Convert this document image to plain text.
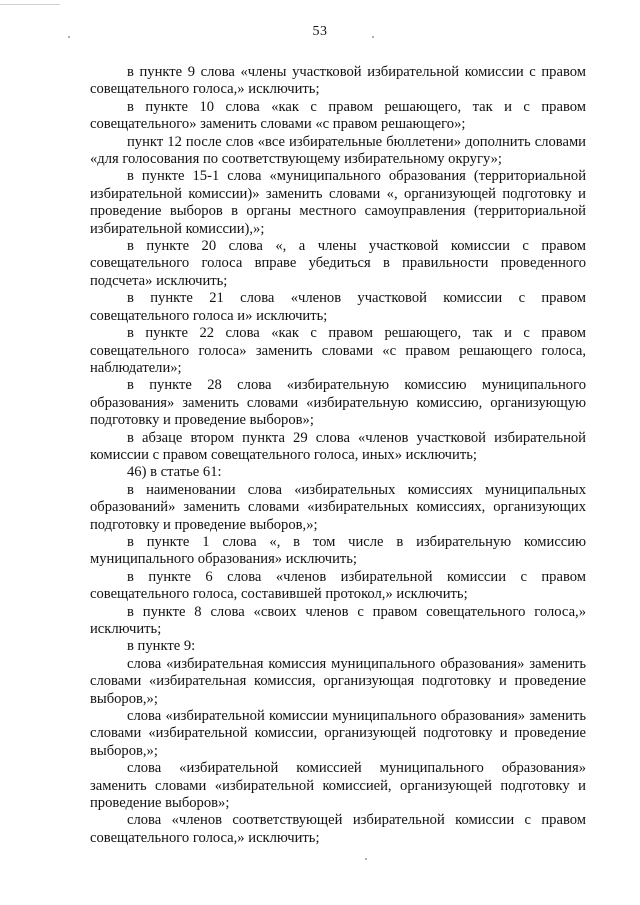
53

в пункте 9 слова «члены участковой избирательной комиссии с правом совещательного голоса,» исключить;

в пункте 10 слова «как с правом решающего, так и с правом совещательного» заменить словами «с правом решающего»;

пункт 12 после слов «все избирательные бюллетени» дополнить словами «для голосования по соответствующему избирательному округу»;

в пункте 15-1 слова «муниципального образования (территориальной избирательной комиссии)» заменить словами «, организующей подготовку и проведение выборов в органы местного самоуправления (территориальной избирательной комиссии),»;

в пункте 20 слова «, а члены участковой комиссии с правом совещательного голоса вправе убедиться в правильности проведенного подсчета» исключить;

в пункте 21 слова «членов участковой комиссии с правом совещательного голоса и» исключить;

в пункте 22 слова «как с правом решающего, так и с правом совещательного голоса» заменить словами «с правом решающего голоса, наблюдатели»;

в пункте 28 слова «избирательную комиссию муниципального образования» заменить словами «избирательную комиссию, организующую подготовку и проведение выборов»;

в абзаце втором пункта 29 слова «членов участковой избирательной комиссии с правом совещательного голоса, иных» исключить;

46) в статье 61:

в наименовании слова «избирательных комиссиях муниципальных образований» заменить словами «избирательных комиссиях, организующих подготовку и проведение выборов,»;

в пункте 1 слова «, в том числе в избирательную комиссию муниципального образования» исключить;

в пункте 6 слова «членов избирательной комиссии с правом совещательного голоса, составившей протокол,» исключить;

в пункте 8 слова «своих членов с правом совещательного голоса,» исключить;

в пункте 9:

слова «избирательная комиссия муниципального образования» заменить словами «избирательная комиссия, организующая подготовку и проведение выборов,»;

слова «избирательной комиссии муниципального образования» заменить словами «избирательной комиссии, организующей подготовку и проведение выборов,»;

слова «избирательной комиссией муниципального образования» заменить словами «избирательной комиссией, организующей подготовку и проведение выборов»;

слова «членов соответствующей избирательной комиссии с правом совещательного голоса,» исключить;
